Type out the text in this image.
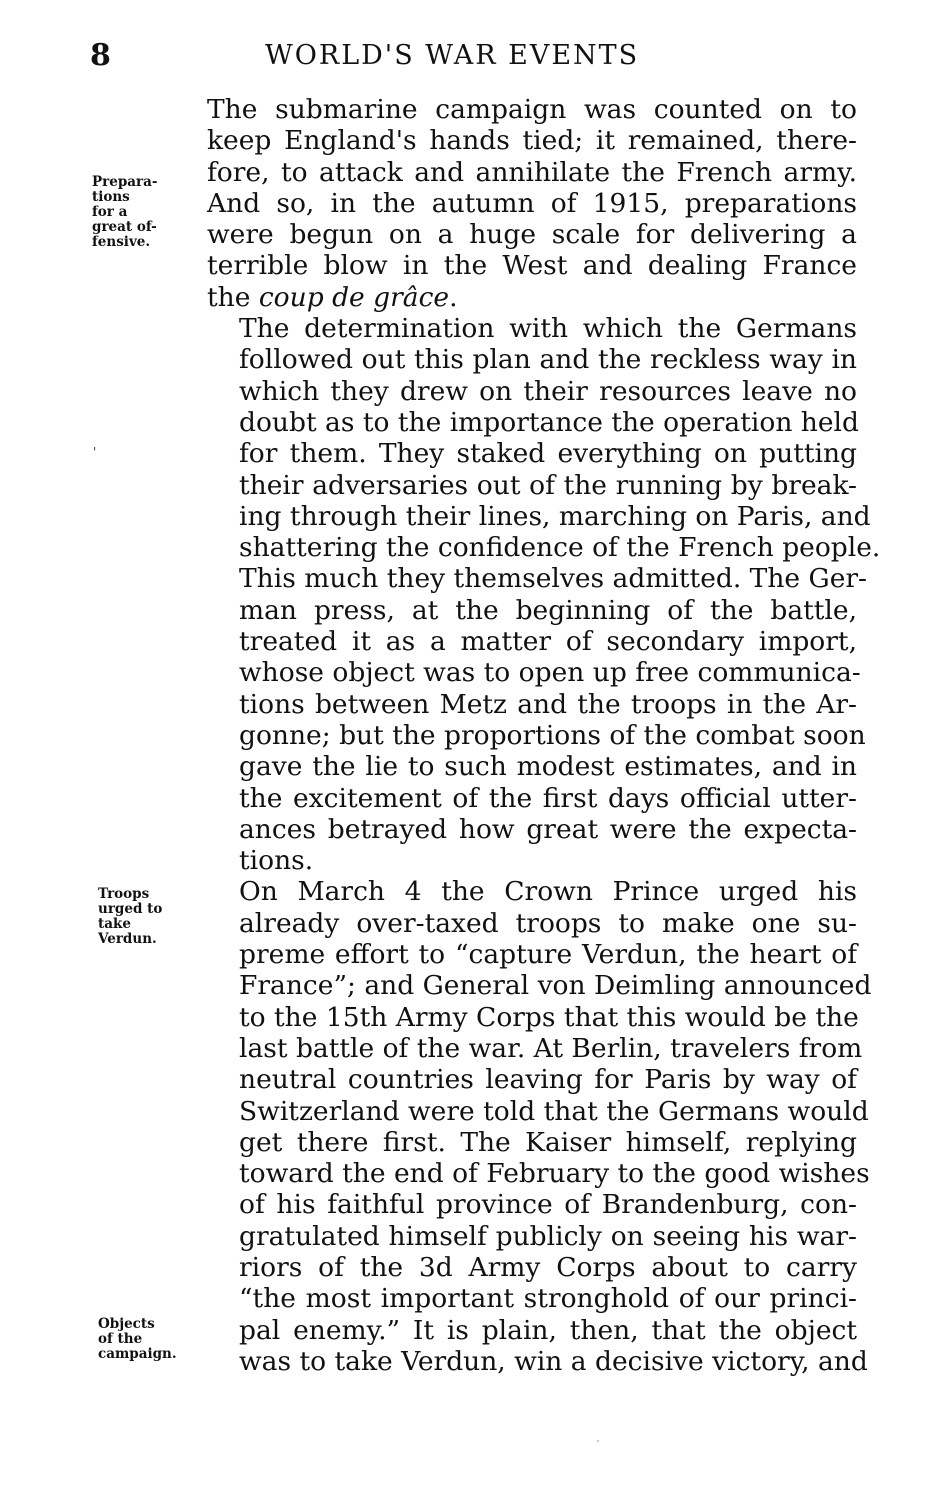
8	WORLD'S WAR EVENTS
Prepara-
tions
for a
great of-
fensive.
'
Troops
urged to
take
Verdun.
Objects
of the
campaign.

The submarine campaign was counted on to
keep England's hands tied; it remained, there-
fore, to attack and annihilate the French army.
And so, in the autumn of 1915, preparations
were begun on a huge scale for delivering a
terrible blow in the West and dealing France
the coup de grâce.

The determination with which the Germans
followed out this plan and the reckless way in
which they drew on their resources leave no
doubt as to the importance the operation held
for them. They staked everything on putting
their adversaries out of the running by break-
ing through their lines, marching on Paris, and
shattering the confidence of the French people.
This much they themselves admitted. The Ger-
man press, at the beginning of the battle,
treated it as a matter of secondary import,
whose object was to open up free communica-
tions between Metz and the troops in the Ar-
gonne; but the proportions of the combat soon
gave the lie to such modest estimates, and in
the excitement of the first days official utter-
ances betrayed how great were the expecta-
tions.

On March 4 the Crown Prince urged his
already over-taxed troops to make one su-
preme effort to “capture Verdun, the heart of
France”; and General von Deimling announced
to the 15th Army Corps that this would be the
last battle of the war. At Berlin, travelers from
neutral countries leaving for Paris by way of
Switzerland were told that the Germans would
get there first. The Kaiser himself, replying
toward the end of February to the good wishes
of his faithful province of Brandenburg, con-
gratulated himself publicly on seeing his war-
riors of the 3d Army Corps about to carry
“the most important stronghold of our princi-
pal enemy.” It is plain, then, that the object
was to take Verdun, win a decisive victory, and
